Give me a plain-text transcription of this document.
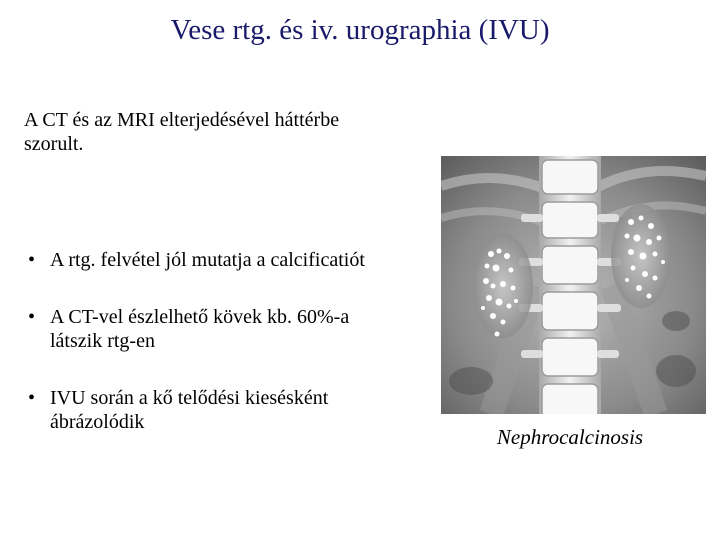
Vese rtg. és iv. urographia (IVU)
A CT és az MRI elterjedésével háttérbe
szorult.
• A rtg. felvétel jól mutatja a calcificatiót
• A CT-vel észlelhető kövek kb. 60%-a
látszik rtg-en
• IVU során a kő telődési kiesésként
ábrázolódik
Nephrocalcinosis
